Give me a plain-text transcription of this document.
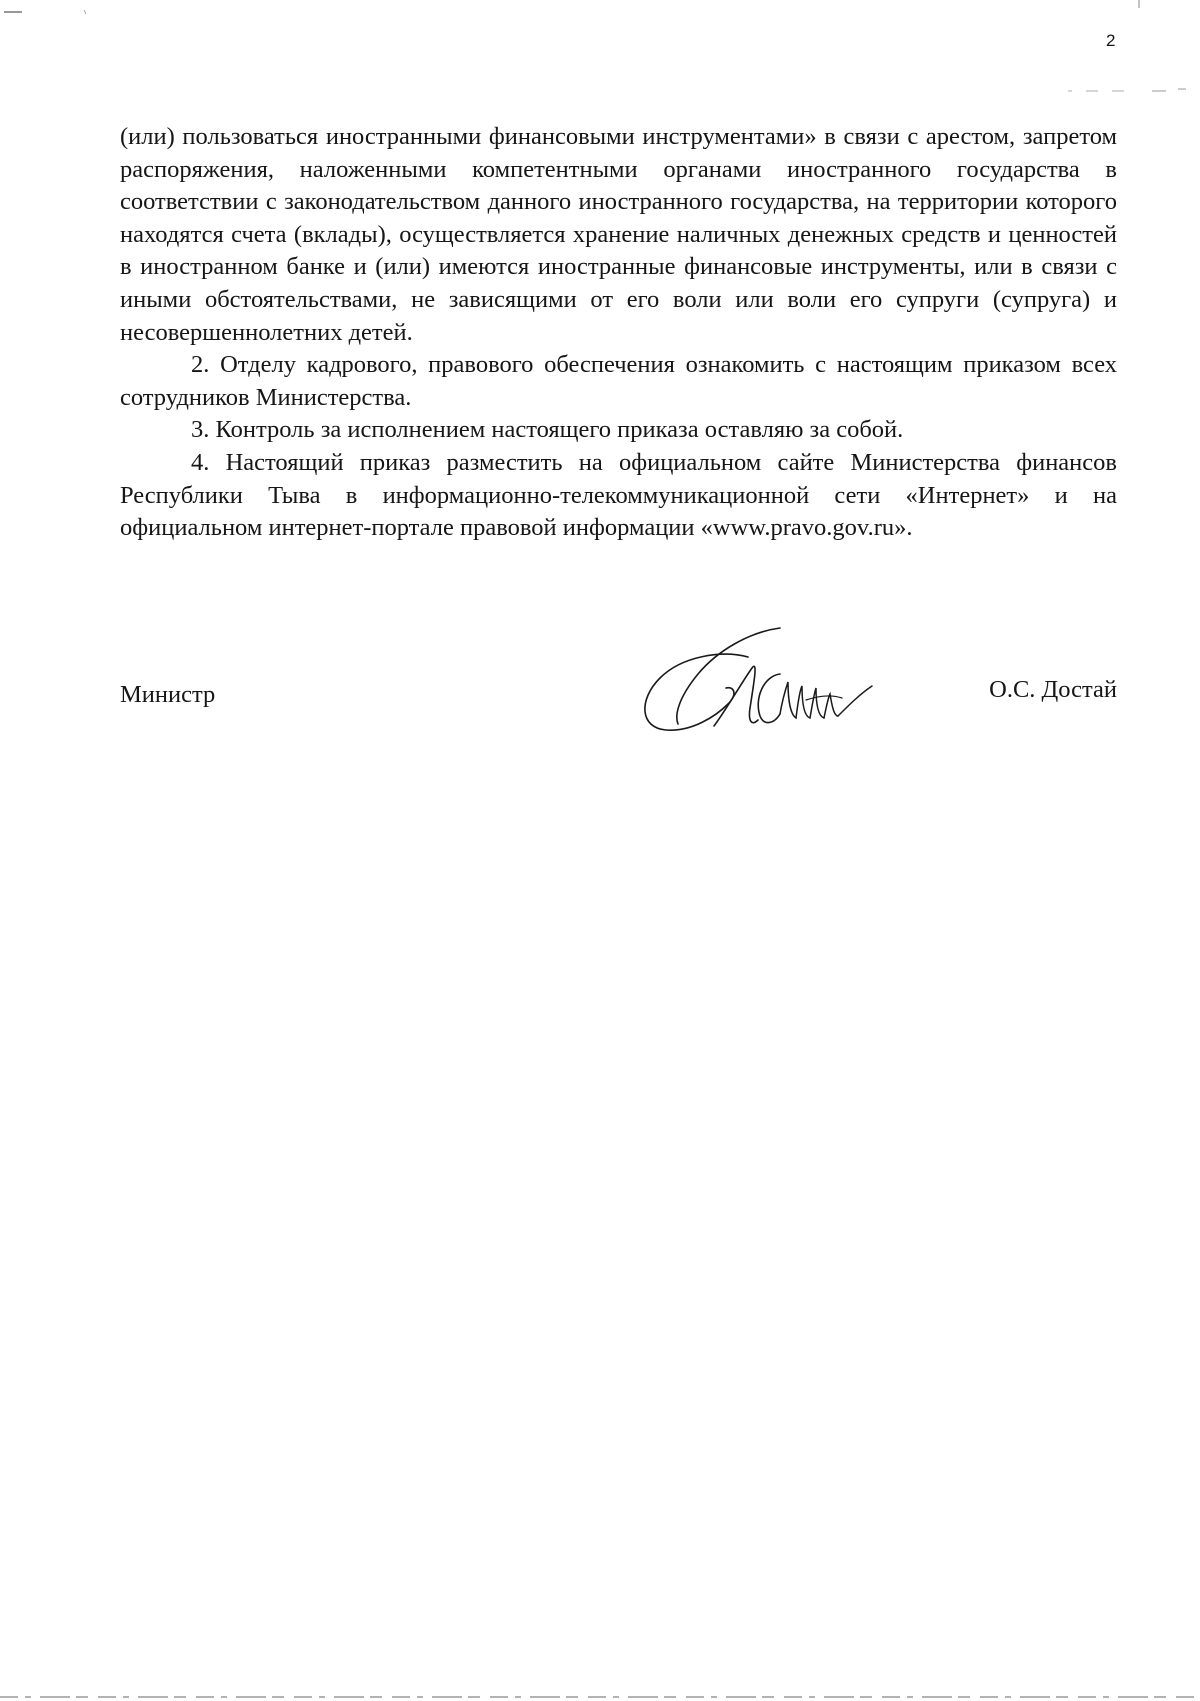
2

(или) пользоваться иностранными финансовыми инструментами» в связи с арестом, запретом распоряжения, наложенными компетентными органами иностранного государства в соответствии с законодательством данного иностранного государства, на территории которого находятся счета (вклады), осуществляется хранение наличных денежных средств и ценностей в иностранном банке и (или) имеются иностранные финансовые инструменты, или в связи с иными обстоятельствами, не зависящими от его воли или воли его супруги (супруга) и несовершеннолетних детей.

2. Отделу кадрового, правового обеспечения ознакомить с настоящим приказом всех сотрудников Министерства.

3. Контроль за исполнением настоящего приказа оставляю за собой.

4. Настоящий приказ разместить на официальном сайте Министерства финансов Республики Тыва в информационно-телекоммуникационной сети «Интернет» и на официальном интернет-портале правовой информации «www.pravo.gov.ru».

Министр	О.С. Достай
